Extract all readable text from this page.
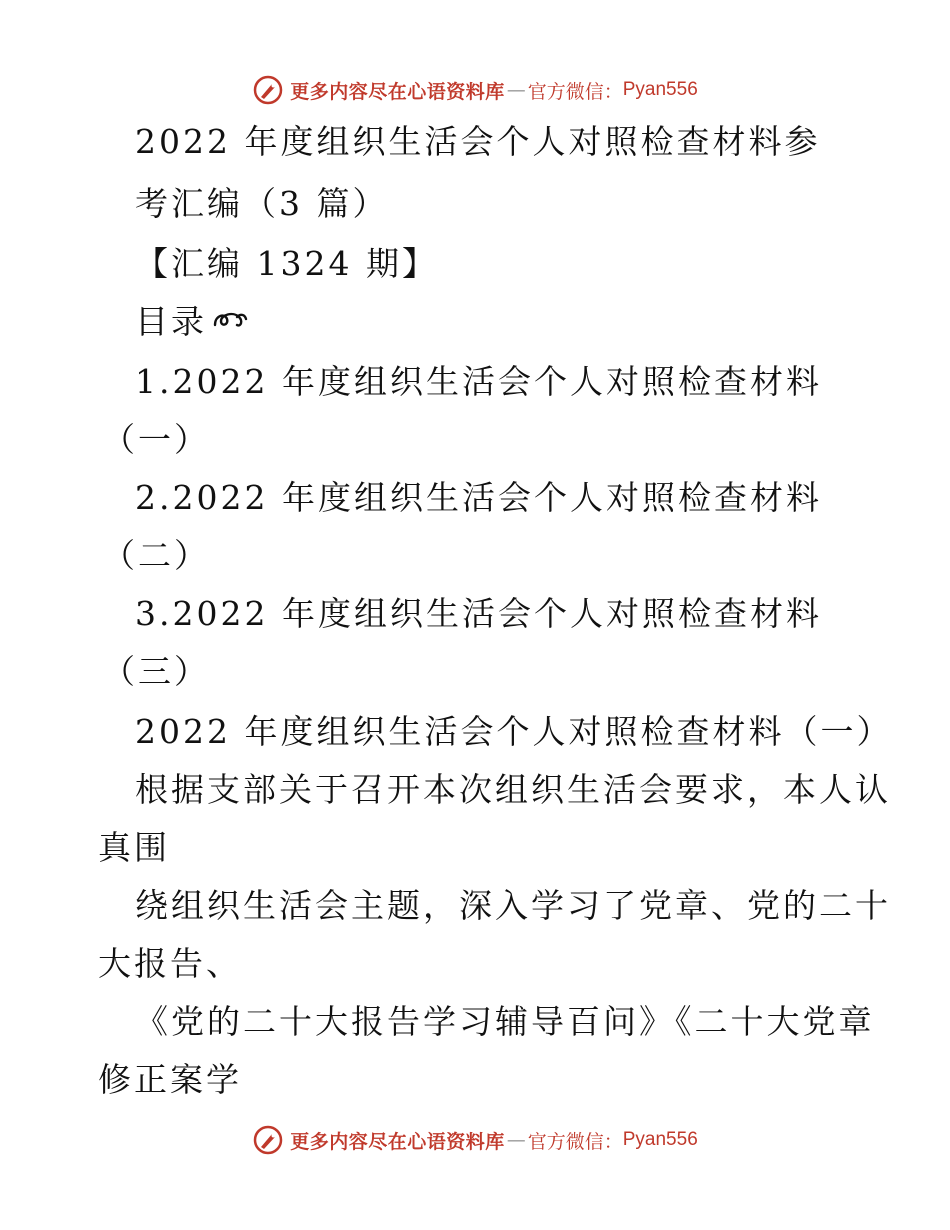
更多内容尽在心语资料库 — 官方微信： Pyan556
2022 年度组织生活会个人对照检查材料参
考汇编（3 篇）
【汇编 1324 期】
目录
1.2022 年度组织生活会个人对照检查材料
（一）
2.2022 年度组织生活会个人对照检查材料
（二）
3.2022 年度组织生活会个人对照检查材料
（三）
2022 年度组织生活会个人对照检查材料（一）
根据支部关于召开本次组织生活会要求，本人认
真围
绕组织生活会主题，深入学习了党章、党的二十
大报告、
《党的二十大报告学习辅导百问》《二十大党章
修正案学
更多内容尽在心语资料库 — 官方微信： Pyan556
